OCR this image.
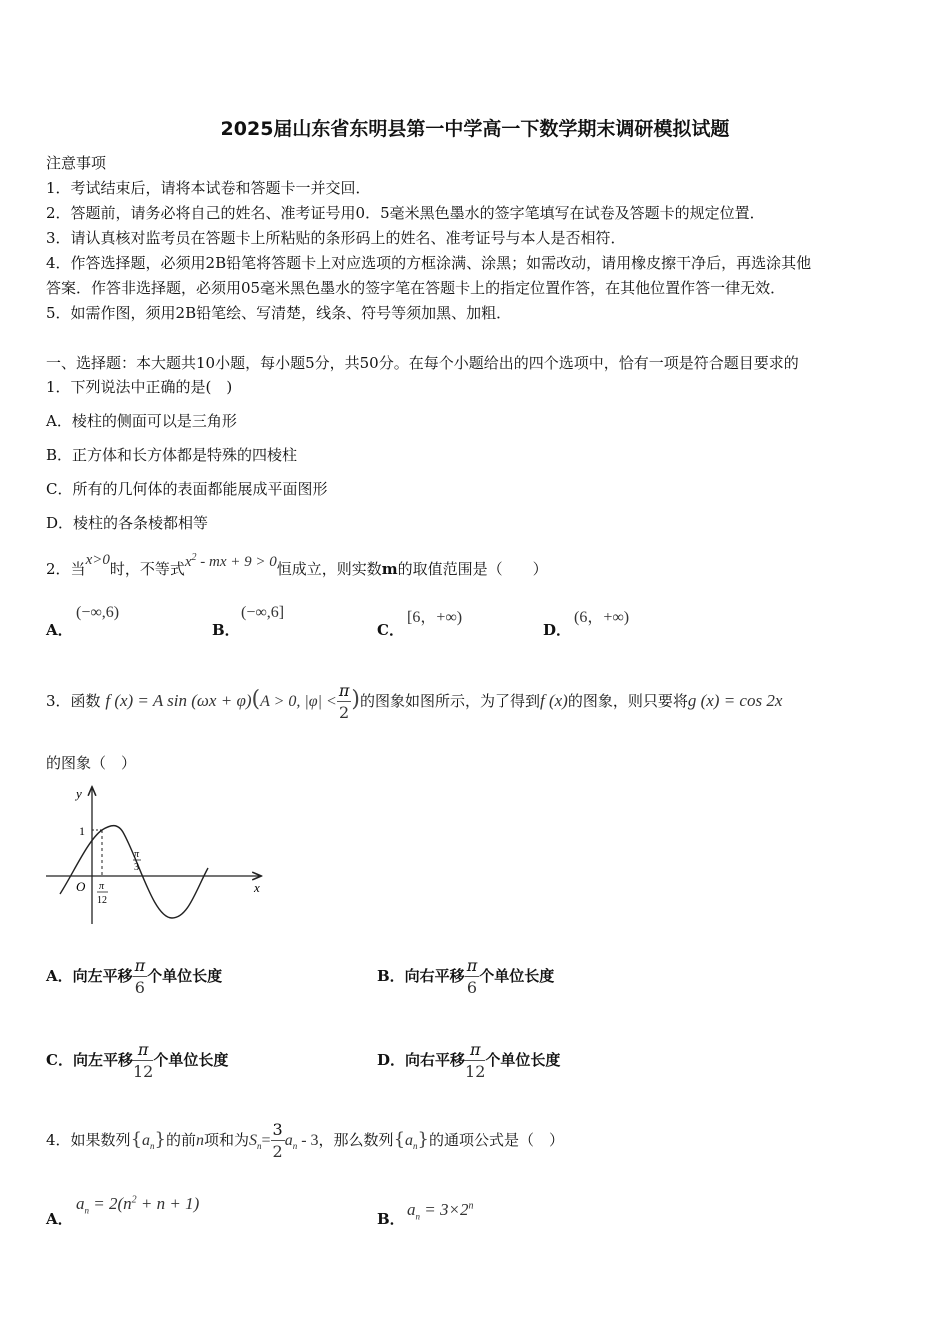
2025届山东省东明县第一中学高一下数学期末调研模拟试题
注意事项
1．考试结束后，请将本试卷和答题卡一并交回．
2．答题前，请务必将自己的姓名、准考证号用0．5毫米黑色墨水的签字笔填写在试卷及答题卡的规定位置．
3．请认真核对监考员在答题卡上所粘贴的条形码上的姓名、准考证号与本人是否相符．
4．作答选择题，必须用2B铅笔将答题卡上对应选项的方框涂满、涂黑；如需改动，请用橡皮擦干净后，再选涂其他
答案．作答非选择题，必须用05毫米黑色墨水的签字笔在答题卡上的指定位置作答，在其他位置作答一律无效．
5．如需作图，须用2B铅笔绘、写清楚，线条、符号等须加黑、加粗．
一、选择题：本大题共10小题，每小题5分，共50分。在每个小题给出的四个选项中，恰有一项是符合题目要求的
1．下列说法中正确的是(　)
A．棱柱的侧面可以是三角形
B．正方体和长方体都是特殊的四棱柱
C．所有的几何体的表面都能展成平面图形
D．棱柱的各条棱都相等
2．当x>0时，不等式$x^2$ - mx + 9 > 0恒成立，则实数m的取值范围是（　　）
A．
(−∞,6)
B．
(−∞,6]
C．
[6，+∞)
D．
(6，+∞)
3．函数 f (x) = A sin (ωx + φ)(A > 0, $|\varphi| < \frac{\pi}{2}$ )的图象如图所示，为了得到f (x)的图象，则只要将g (x) = cos 2x
的图象（　）
y
x
O
1
π
12
π
3
A．向左平移 $\frac{\pi}{6}$ 个单位长度	B．向右平移 $\frac{\pi}{6}$ 个单位长度
C．向左平移 $\frac{\pi}{12}$ 个单位长度	D．向右平移 $\frac{\pi}{12}$ 个单位长度
4．如果数列$\{a_n\}$的前n项和为$S_n= \frac{3}{2} a_n - 3$，那么数列$\{a_n\}$的通项公式是（　）
A．
$a_n = 2(n^2 + n + 1)$
B． $a_n = 3\times 2^n$
